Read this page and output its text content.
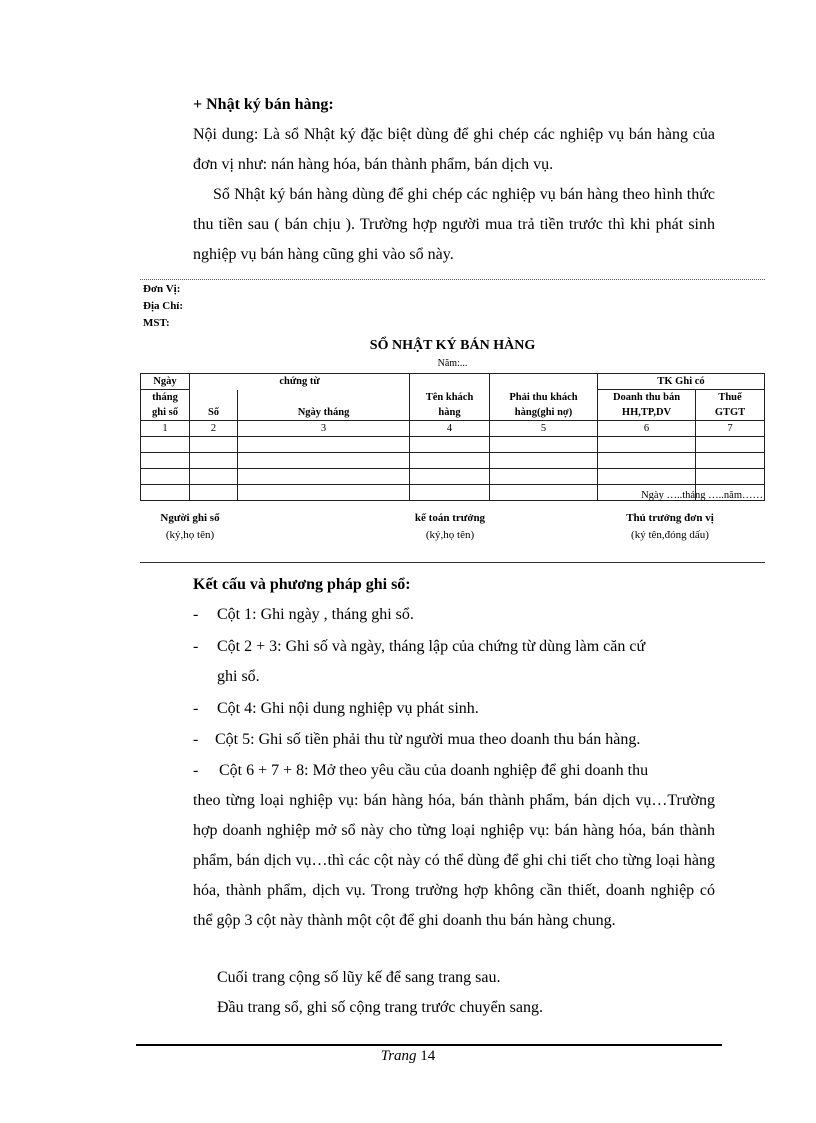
+ Nhật ký bán hàng:
Nội dung: Là sổ Nhật ký đặc biệt dùng để ghi chép các nghiệp vụ bán hàng của đơn vị như: nán hàng hóa, bán thành phẩm, bán dịch vụ.
Sổ Nhật ký bán hàng dùng để ghi chép các nghiệp vụ bán hàng theo hình thức thu tiền sau ( bán chịu ). Trường hợp người mua trả tiền trước thì khi phát sinh nghiệp vụ bán hàng cũng ghi vào sổ này.
Đơn Vị:
Địa Chỉ:
MST:
SỔ NHẬT KÝ BÁN HÀNG
Năm:...
Ngày	chứng từ				TK Ghi có	
tháng			Tên khách	Phải thu khách	Doanh thu bán	Thuế
ghi sổ	Số	Ngày tháng	hàng	hàng(ghi nợ)	HH,TP,DV	GTGT
1	2	3	4	5	6	7

Ngày …..tháng …..năm……
Người ghi sổ
(ký,họ tên)
kế toán trưởng
(ký,họ tên)
Thủ trưởng đơn vị
(ký tên,đóng dấu)
Kết cấu và phương pháp ghi sổ:
- Cột 1: Ghi ngày , tháng ghi sổ.
- Cột 2 + 3: Ghi số và ngày, tháng lập của chứng từ dùng làm căn cứ
ghi sổ.
- Cột 4: Ghi nội dung nghiệp vụ phát sinh.
- Cột 5: Ghi số tiền phải thu từ người mua theo doanh thu bán hàng.
- Cột 6 + 7 + 8: Mở theo yêu cầu của doanh nghiệp để ghi doanh thu
theo từng loại nghiệp vụ: bán hàng hóa, bán thành phẩm, bán dịch vụ…Trường hợp doanh nghiệp mở sổ này cho từng loại nghiệp vụ: bán hàng hóa, bán thành phẩm, bán dịch vụ…thì các cột này có thể dùng để ghi chi tiết cho từng loại hàng hóa, thành phẩm, dịch vụ. Trong trường hợp không cần thiết, doanh nghiệp có thể gộp 3 cột này thành một cột để ghi doanh thu bán hàng chung.
Cuối trang cộng số lũy kế để sang trang sau.
Đầu trang sổ, ghi số cộng trang trước chuyển sang.
Trang 14
